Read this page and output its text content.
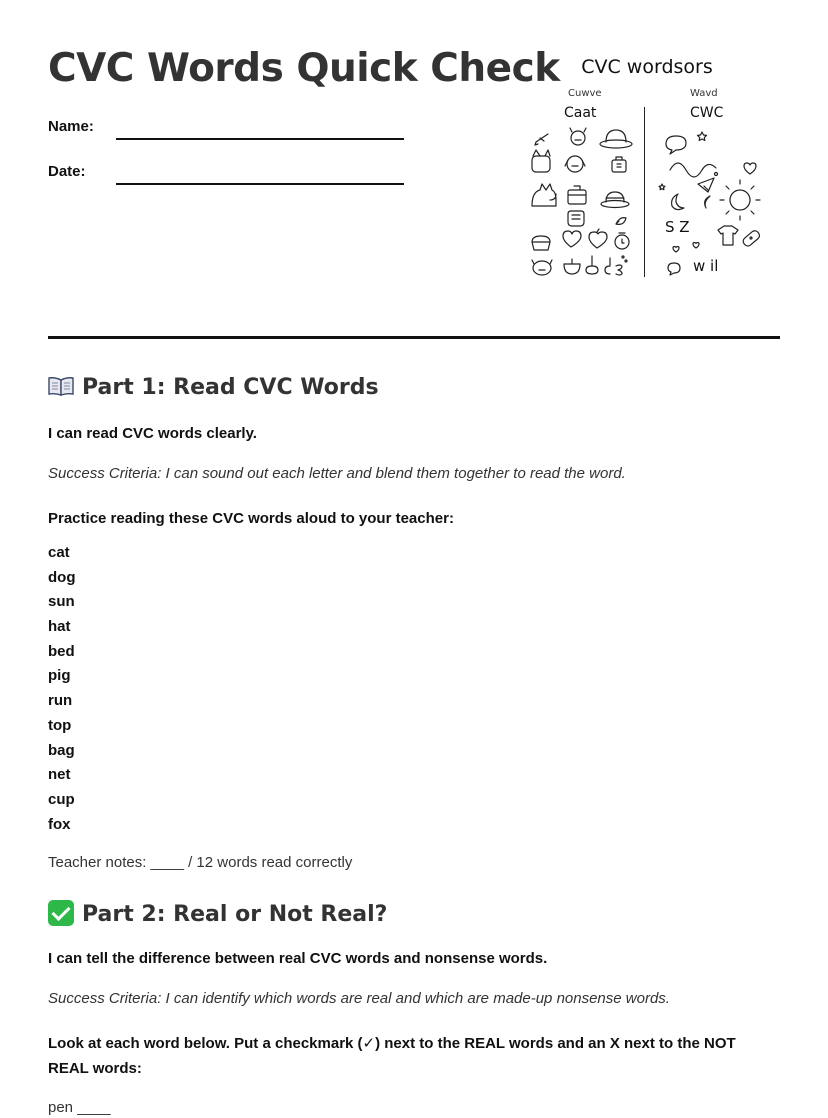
CVC Words Quick Check
Name:
Date:
CVC wordsors
Cuwve	Wavd
Caat	CWC
S Z
w il
Part 1: Read CVC Words

I can read CVC words clearly.

Success Criteria: I can sound out each letter and blend them together to read the word.

Practice reading these CVC words aloud to your teacher:

cat
dog
sun
hat
bed
pig
run
top
bag
net
cup
fox

Teacher notes: ____ / 12 words read correctly

Part 2: Real or Not Real?

I can tell the difference between real CVC words and nonsense words.

Success Criteria: I can identify which words are real and which are made-up nonsense words.

Look at each word below. Put a checkmark (✓) next to the REAL words and an X next to the NOT REAL words:

pen ____
